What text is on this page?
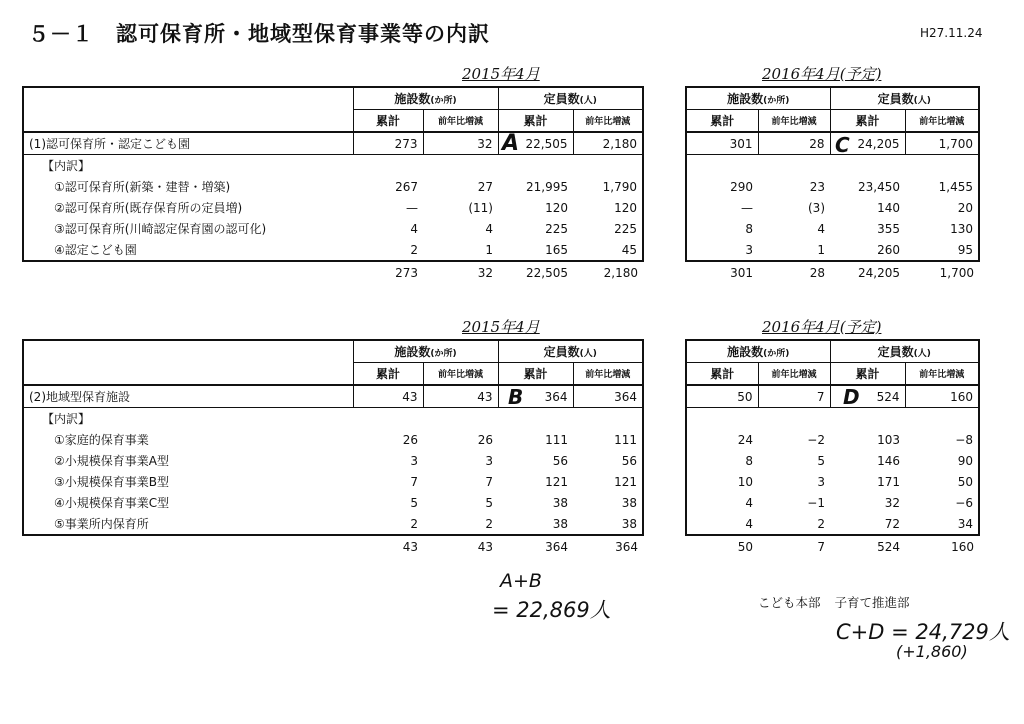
５－１　認可保育所・地域型保育事業等の内訳	H27.11.24
2015年4月	2016年4月(予定)
	施設数(か所)		定員数(人)	
	累計	前年比増減	累計	前年比増減
(1)認可保育所・認定こども園	273	32	22,505	2,180
【内訳】				
①認可保育所(新築・建替・増築)	267	27	21,995	1,790
②認可保育所(既存保育所の定員増)	—	(11)	120	120
③認可保育所(川崎認定保育園の認可化)	4	4	225	225
④認定こども園	2	1	165	45
	273	32	22,505	2,180
施設数(か所)		定員数(人)	
累計	前年比増減	累計	前年比増減
301	28	24,205	1,700

290	23	23,450	1,455
—	(3)	140	20
8	4	355	130
3	1	260	95
301	28	24,205	1,700
2015年4月	2016年4月(予定)
	施設数(か所)		定員数(人)	
	累計	前年比増減	累計	前年比増減
(2)地域型保育施設	43	43	364	364
【内訳】				
①家庭的保育事業	26	26	111	111
②小規模保育事業A型	3	3	56	56
③小規模保育事業B型	7	7	121	121
④小規模保育事業C型	5	5	38	38
⑤事業所内保育所	2	2	38	38
	43	43	364	364
施設数(か所)		定員数(人)	
累計	前年比増減	累計	前年比増減
50	7	524	160

24	−2	103	−8
8	5	146	90
10	3	171	50
4	−1	32	−6
4	2	72	34
50	7	524	160
A	C
B	D
A+B
= 22,869人
C+D = 24,729人
(+1,860)
こども本部 子育て推進部
